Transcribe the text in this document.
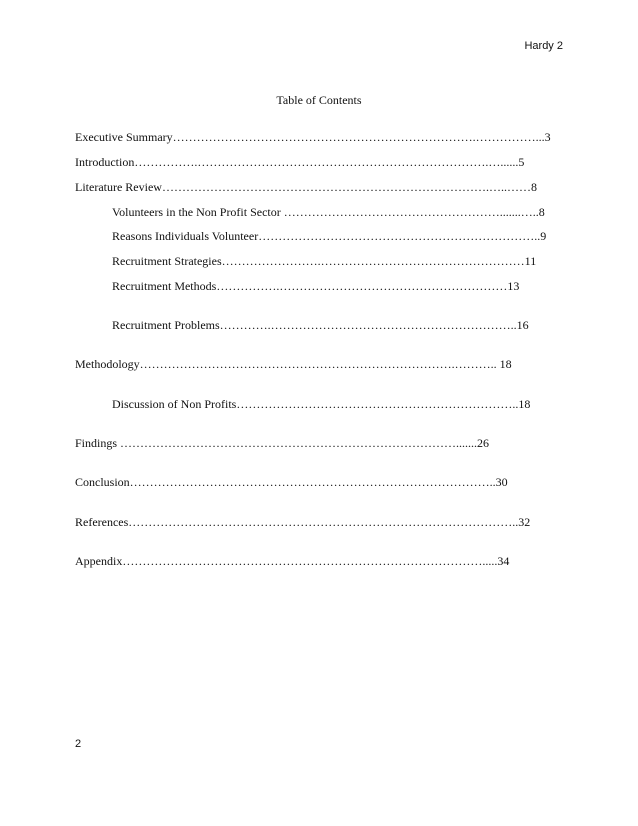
Hardy 2
Table of Contents
Executive Summary………………………………………………………………….……………...3
Introduction…………….……………………………………………………………….…......5
Literature Review……………………………………………………………………….…..……8
Volunteers in the Non Profit Sector ……………………………………………….......…..8
Reasons Individuals Volunteer……………………………………………………………..9
Recruitment Strategies…………………….……………………………………………11
Recruitment Methods…………….…………………………………………………13
Recruitment Problems………….……………………………………………………..16
Methodology…………………………………………………………………….……….. 18
Discussion of Non Profits……………………………………………………………..18
Findings ………………………………………………………………………….......26
Conclusion………………………………………………………………………………..30
References……………………………………………………………………………………..32
Appendix……………………………………………………………………………….....34
2
